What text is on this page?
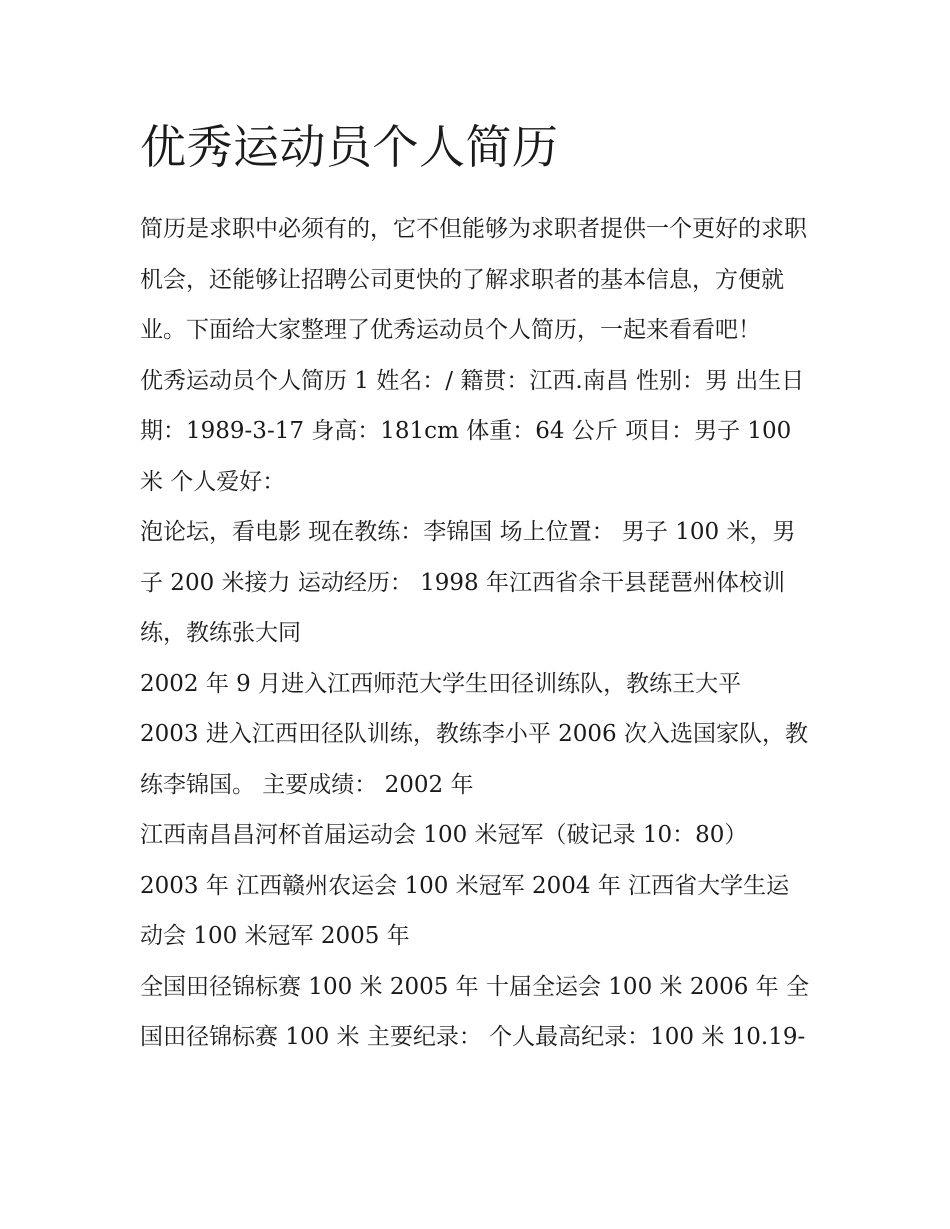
优秀运动员个人简历

简历是求职中必须有的，它不但能够为求职者提供一个更好的求职机会，还能够让招聘公司更快的了解求职者的基本信息，方便就业。下面给大家整理了优秀运动员个人简历，一起来看看吧！

优秀运动员个人简历 1 姓名：/ 籍贯：江西.南昌 性别：男 出生日期：1989-3-17 身高：181cm 体重：64 公斤 项目：男子 100 米 个人爱好：

泡论坛，看电影 现在教练：李锦国 场上位置： 男子 100 米，男子 200 米接力 运动经历： 1998 年江西省余干县琵琶州体校训练，教练张大同

2002 年 9 月进入江西师范大学生田径训练队，教练王大平

2003 进入江西田径队训练，教练李小平 2006 次入选国家队，教练李锦国。 主要成绩： 2002 年

江西南昌昌河杯首届运动会 100 米冠军（破记录 10：80）

2003 年 江西赣州农运会 100 米冠军 2004 年 江西省大学生运动会 100 米冠军 2005 年

全国田径锦标赛 100 米 2005 年 十届全运会 100 米 2006 年 全国田径锦标赛 100 米 主要纪录： 个人最高纪录：100 米 10.19-
